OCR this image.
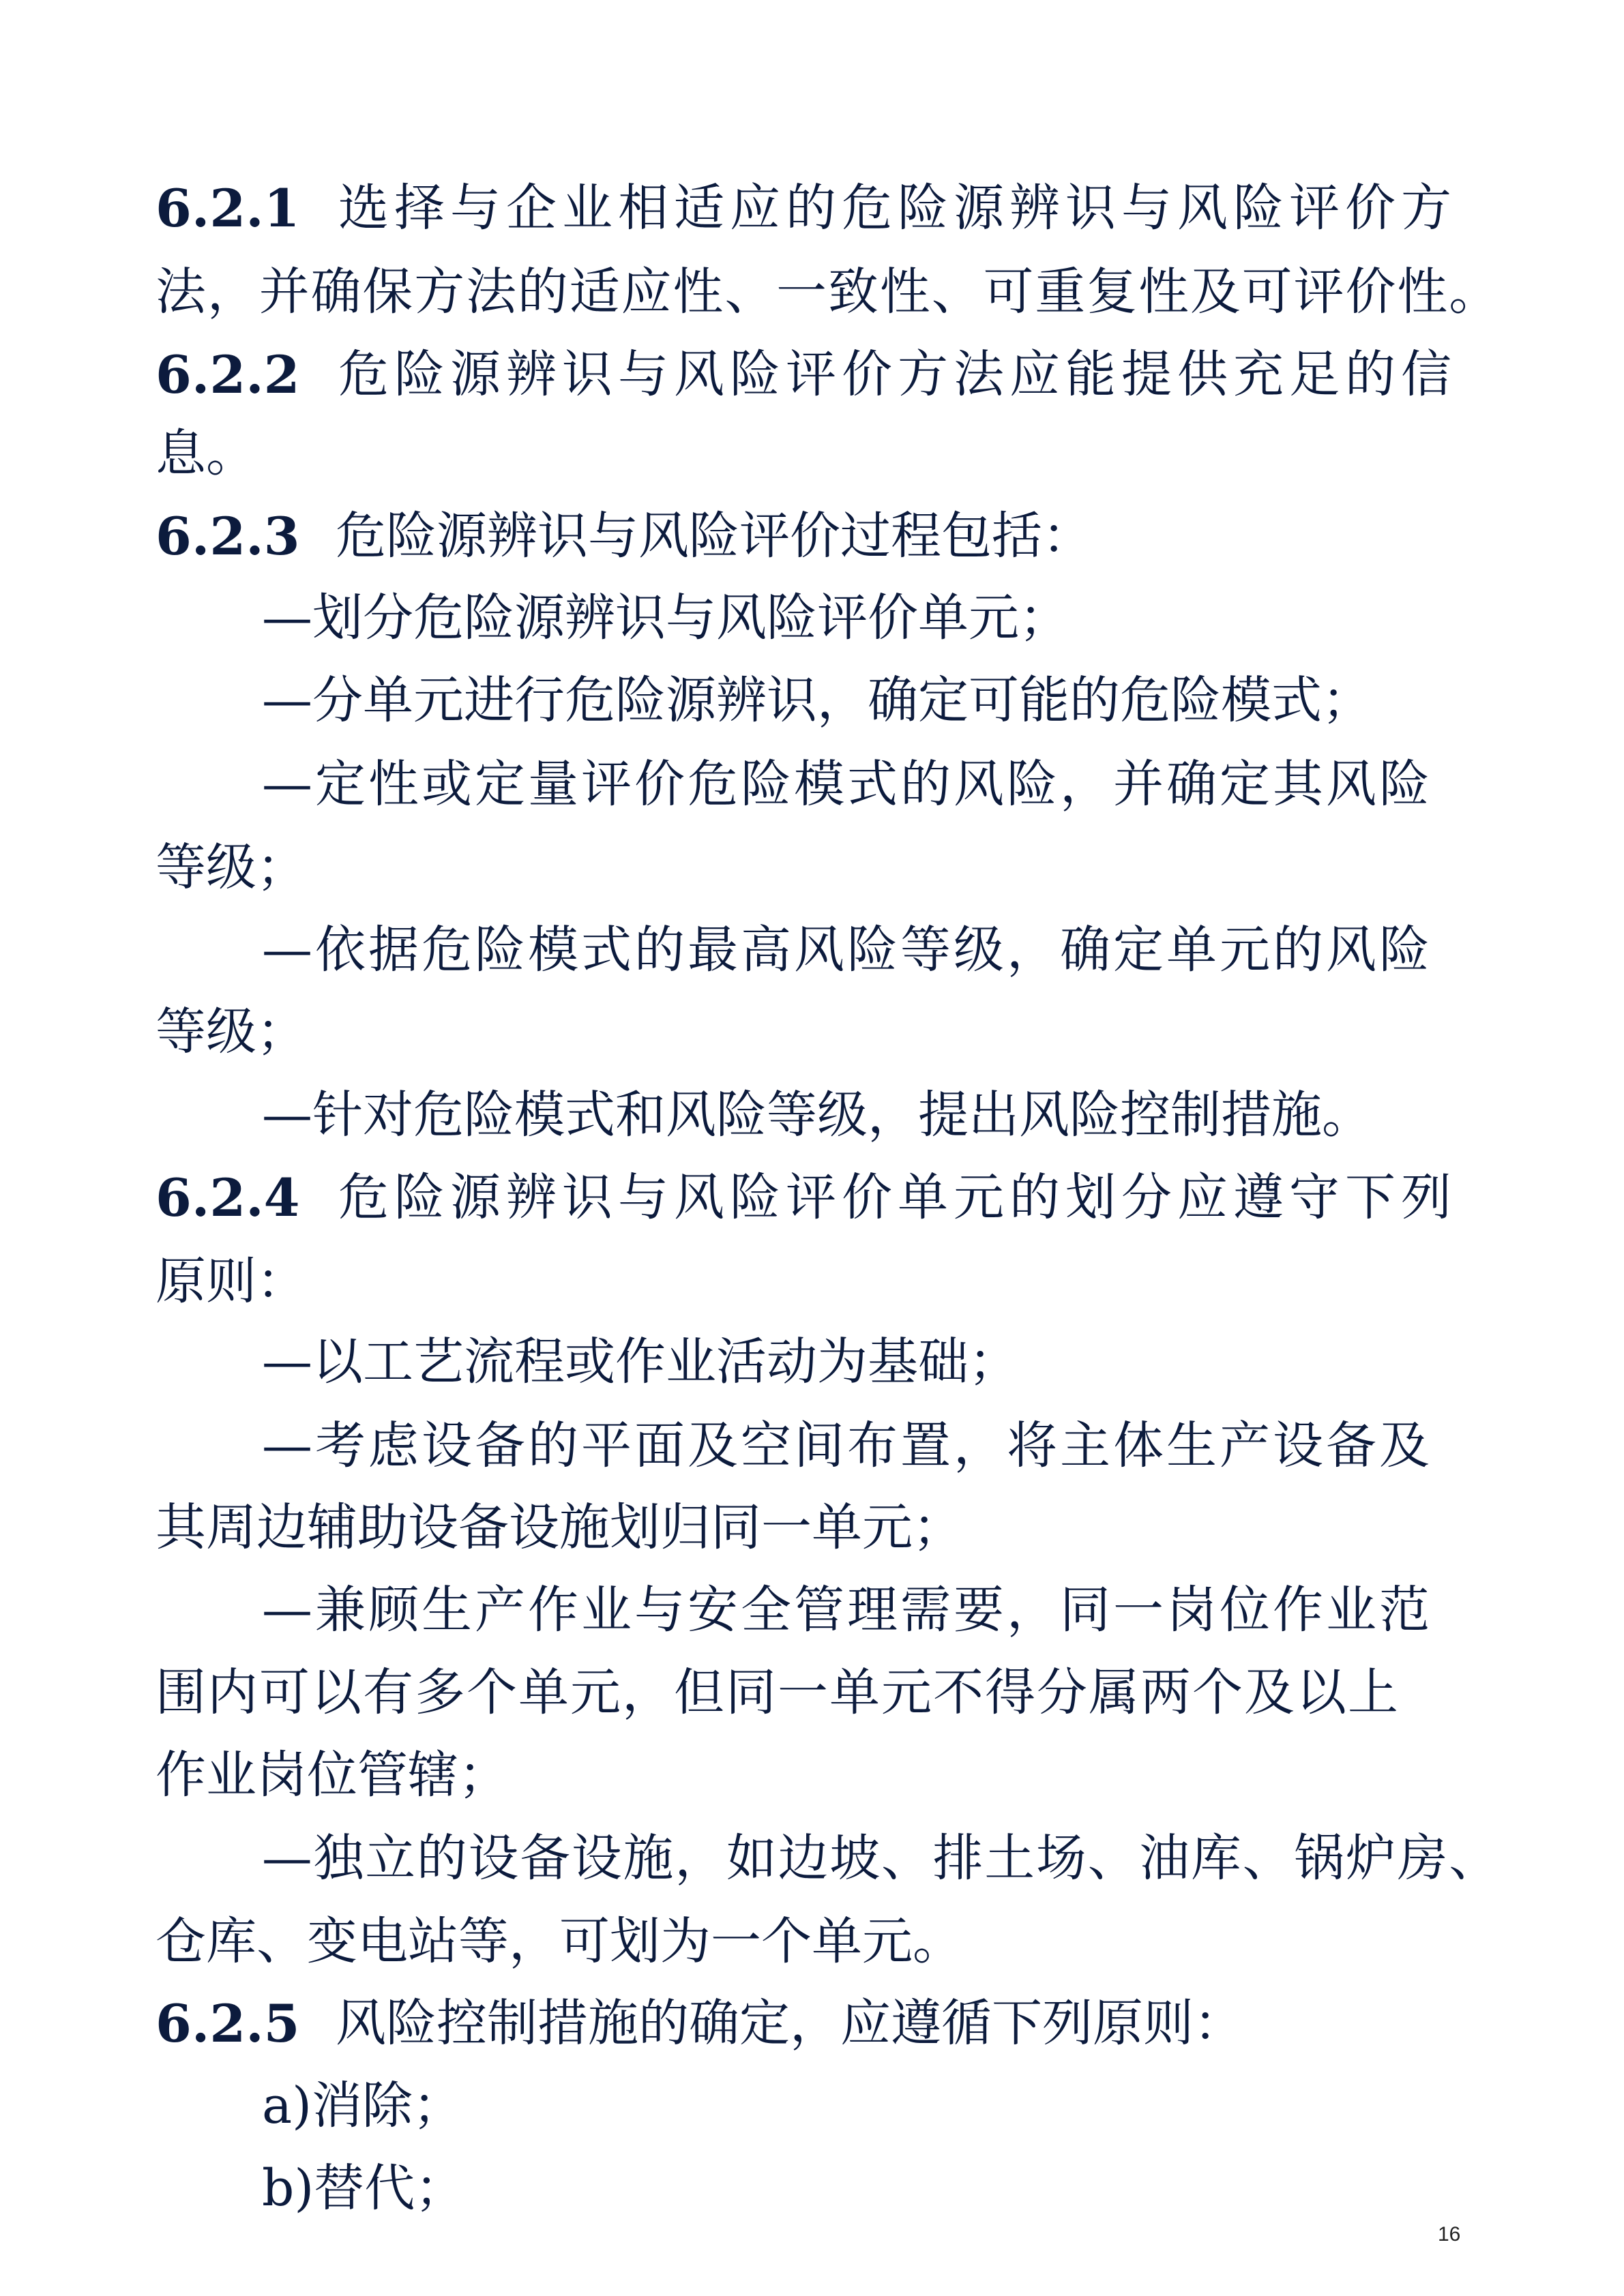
6.2.1 选择与企业相适应的危险源辨识与风险评价方
法，并确保方法的适应性、一致性、可重复性及可评价性。
6.2.2 危险源辨识与风险评价方法应能提供充足的信
息。
6.2.3 危险源辨识与风险评价过程包括：
—划分危险源辨识与风险评价单元；
—分单元进行危险源辨识，确定可能的危险模式；
—定性或定量评价危险模式的风险，并确定其风险
等级；
—依据危险模式的最高风险等级，确定单元的风险
等级；
—针对危险模式和风险等级，提出风险控制措施。
6.2.4 危险源辨识与风险评价单元的划分应遵守下列
原则：
—以工艺流程或作业活动为基础；
—考虑设备的平面及空间布置，将主体生产设备及
其周边辅助设备设施划归同一单元；
—兼顾生产作业与安全管理需要，同一岗位作业范
围内可以有多个单元，但同一单元不得分属两个及以上
作业岗位管辖；
—独立的设备设施，如边坡、排土场、油库、锅炉房、
仓库、变电站等，可划为一个单元。
6.2.5 风险控制措施的确定，应遵循下列原则：
a)消除；
b)替代；
16
